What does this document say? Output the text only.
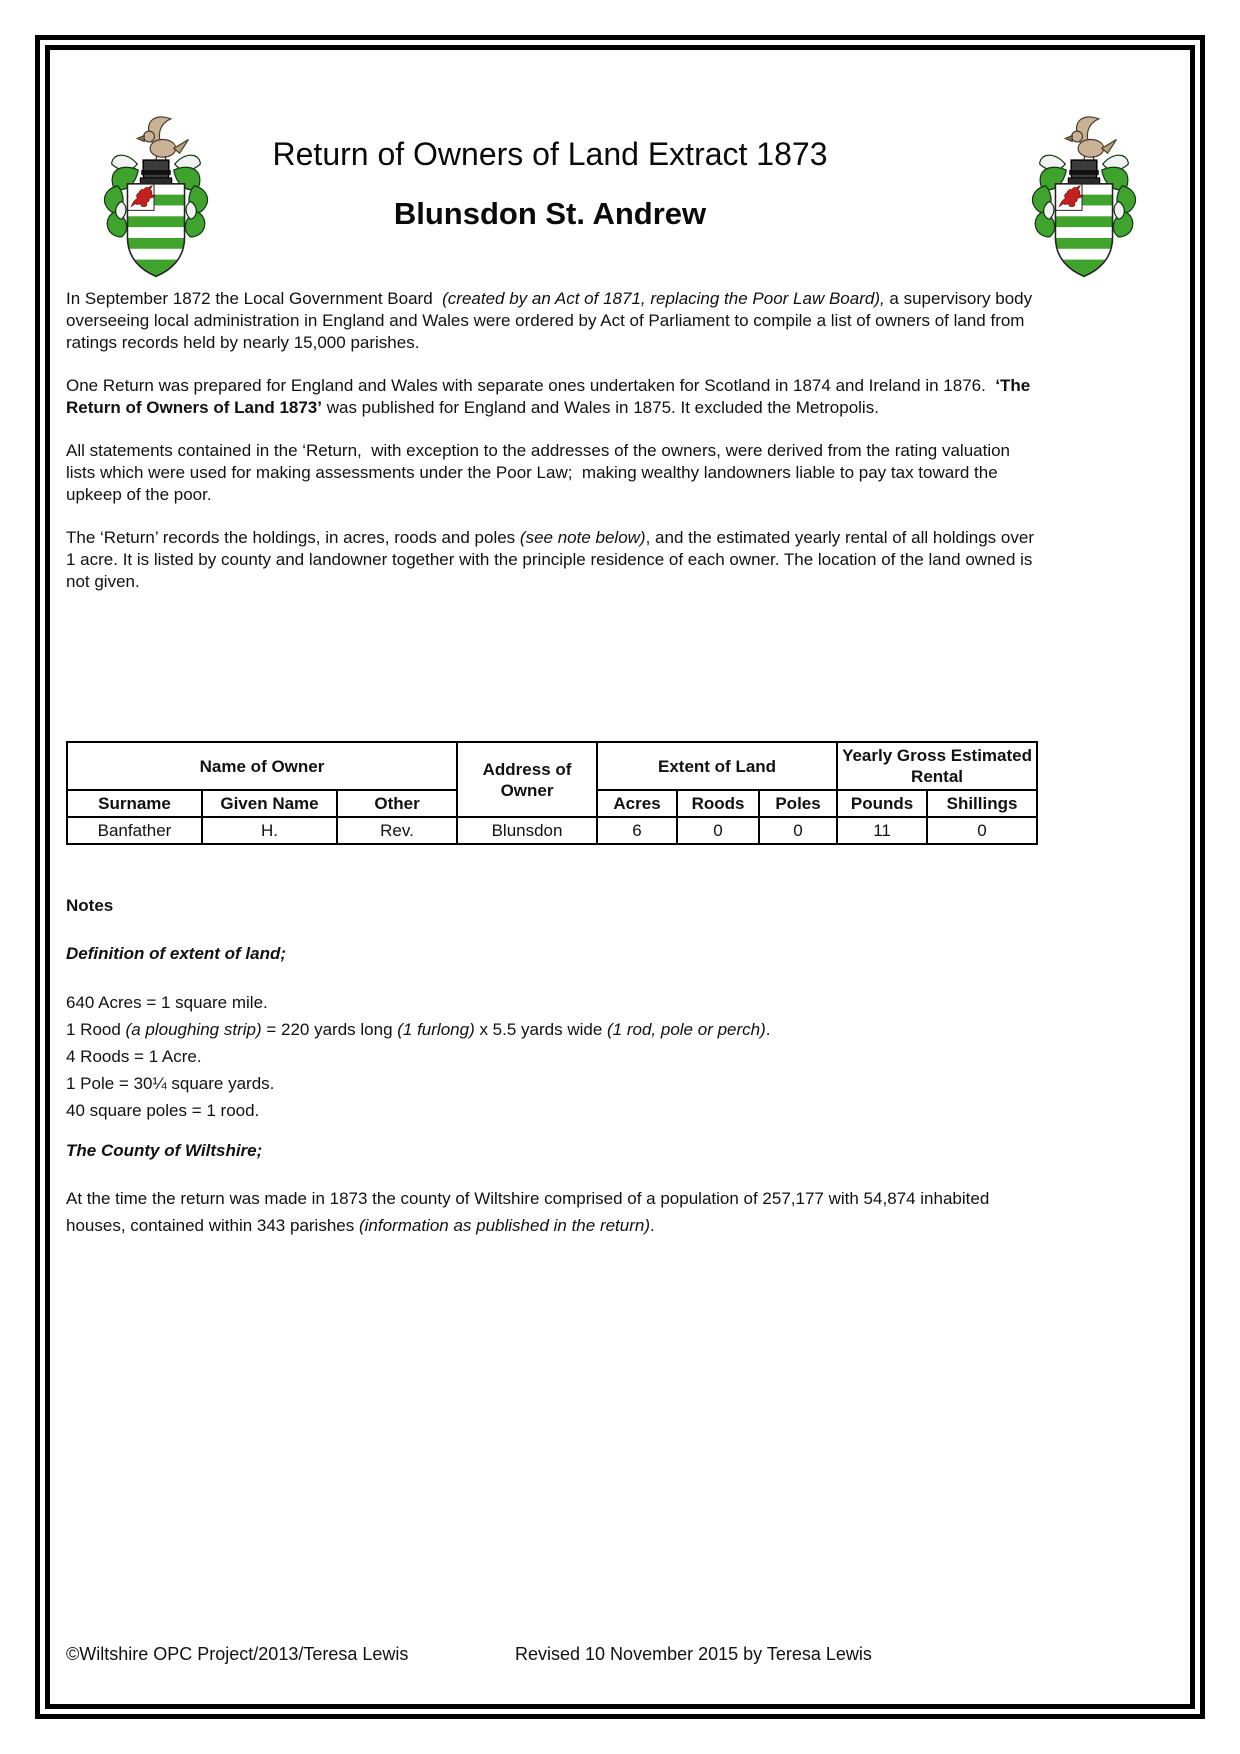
Return of Owners of Land Extract 1873
Blunsdon St. Andrew

In September 1872 the Local Government Board  (created by an Act of 1871, replacing the Poor Law Board), a supervisory body overseeing local administration in England and Wales were ordered by Act of Parliament to compile a list of owners of land from ratings records held by nearly 15,000 parishes.

One Return was prepared for England and Wales with separate ones undertaken for Scotland in 1874 and Ireland in 1876.  ‘The Return of Owners of Land 1873’ was published for England and Wales in 1875. It excluded the Metropolis.

All statements contained in the ‘Return,  with exception to the addresses of the owners, were derived from the rating valuation lists which were used for making assessments under the Poor Law;  making wealthy landowners liable to pay tax toward the upkeep of the poor.

The ‘Return’ records the holdings, in acres, roods and poles (see note below), and the estimated yearly rental of all holdings over 1 acre. It is listed by county and landowner together with the principle residence of each owner. The location of the land owned is not given.

Name of Owner			Address of Owner	Extent of Land			Yearly Gross Estimated Rental	
Surname	Given Name	Other		Acres	Roods	Poles	Pounds	Shillings
Banfather	H.	Rev.	Blunsdon	6	0	0	11	0
Notes
Definition of extent of land;
640 Acres = 1 square mile.
1 Rood (a ploughing strip) = 220 yards long (1 furlong) x 5.5 yards wide (1 rod, pole or perch).
4 Roods = 1 Acre.
1 Pole = 30¼ square yards.
40 square poles = 1 rood.
The County of Wiltshire;

At the time the return was made in 1873 the county of Wiltshire comprised of a population of 257,177 with 54,874 inhabited houses, contained within 343 parishes (information as published in the return).

©Wiltshire OPC Project/2013/Teresa Lewis	Revised 10 November 2015 by Teresa Lewis
